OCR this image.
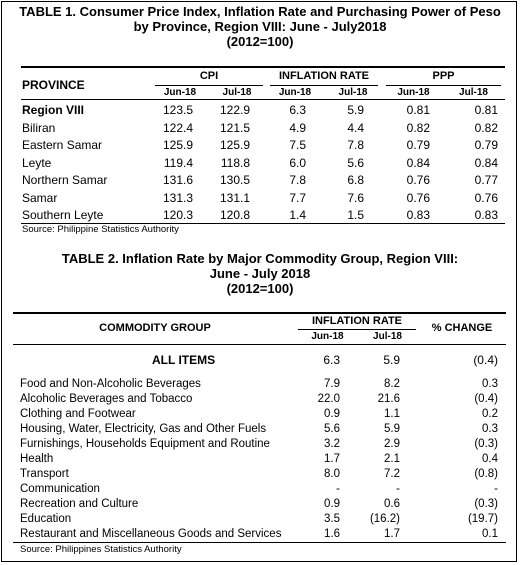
TABLE 1. Consumer Price Index, Inflation Rate and Purchasing Power of Peso
by Province, Region VIII: June - July2018
(2012=100)
PROVINCE
CPI	INFLATION RATE	PPP
Jun-18	Jul-18	Jun-18	Jul-18	Jun-18	Jul-18
Region VIII	123.5	122.9	6.3	5.9	0.81	0.81
Biliran	122.4	121.5	4.9	4.4	0.82	0.82
Eastern Samar	125.9	125.9	7.5	7.8	0.79	0.79
Leyte	119.4	118.8	6.0	5.6	0.84	0.84
Northern Samar	131.6	130.5	7.8	6.8	0.76	0.77
Samar	131.3	131.1	7.7	7.6	0.76	0.76
Southern Leyte	120.3	120.8	1.4	1.5	0.83	0.83
Source: Philippine Statistics Authority
TABLE 2. Inflation Rate by Major Commodity Group, Region VIII:
June - July 2018
(2012=100)
COMMODITY GROUP
INFLATION RATE
Jun-18	Jul-18
% CHANGE
ALL ITEMS	6.3	5.9	(0.4)
Food and Non-Alcoholic Beverages	7.9	8.2	0.3
Alcoholic Beverages and Tobacco	22.0	21.6	(0.4)
Clothing and Footwear	0.9	1.1	0.2
Housing, Water, Electricity, Gas and Other Fuels	5.6	5.9	0.3
Furnishings, Households Equipment and Routine	3.2	2.9	(0.3)
Health	1.7	2.1	0.4
Transport	8.0	7.2	(0.8)
Communication	-	-	-
Recreation and Culture	0.9	0.6	(0.3)
Education	3.5	(16.2)	(19.7)
Restaurant and Miscellaneous Goods and Services	1.6	1.7	0.1
Source: Philippines Statistics Authority
